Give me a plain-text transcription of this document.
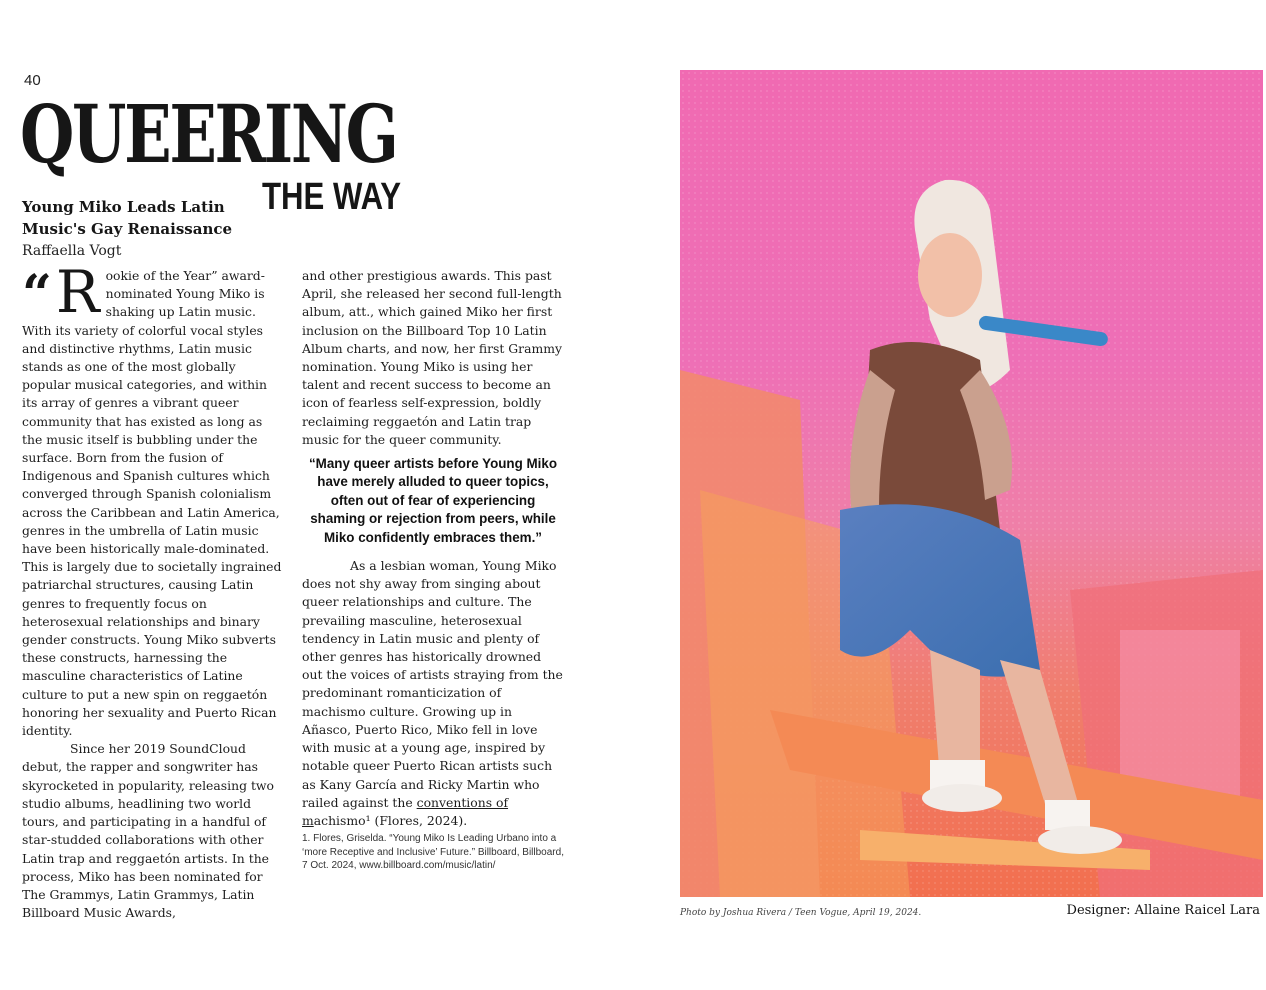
40
QUEERING
THE WAY
Young Miko Leads Latin Music's Gay Renaissance
Raffaella Vogt

“ R ookie of the Year” award-nominated Young Miko is shaking up Latin music. With its variety of colorful vocal styles and distinctive rhythms, Latin music stands as one of the most globally popular musical categories, and within its array of genres a vibrant queer community that has existed as long as the music itself is bubbling under the surface. Born from the fusion of Indigenous and Spanish cultures which converged through Spanish colonialism across the Caribbean and Latin America, genres in the umbrella of Latin music have been historically male-dominated. This is largely due to societally ingrained patriarchal structures, causing Latin genres to frequently focus on heterosexual relationships and binary gender constructs. Young Miko subverts these constructs, harnessing the masculine characteristics of Latine culture to put a new spin on reggaetón honoring her sexuality and Puerto Rican identity.

Since her 2019 SoundCloud debut, the rapper and songwriter has skyrocketed in popularity, releasing two studio albums, headlining two world tours, and participating in a handful of star-studded collaborations with other Latin trap and reggaetón artists. In the process, Miko has been nominated for The Grammys, Latin Grammys, Latin Billboard Music Awards,

and other prestigious awards. This past April, she released her second full-length album, att., which gained Miko her first inclusion on the Billboard Top 10 Latin Album charts, and now, her first Grammy nomination. Young Miko is using her talent and recent success to become an icon of fearless self-expression, boldly reclaiming reggaetón and Latin trap music for the queer community.

“Many queer artists before Young Miko have merely alluded to queer topics, often out of fear of experiencing shaming or rejection from peers, while Miko confidently embraces them.”

As a lesbian woman, Young Miko does not shy away from singing about queer relationships and culture. The prevailing masculine, heterosexual tendency in Latin music and plenty of other genres has historically drowned out the voices of artists straying from the predominant romanticization of machismo culture. Growing up in Añasco, Puerto Rico, Miko fell in love with music at a young age, inspired by notable queer Puerto Rican artists such as Kany García and Ricky Martin who railed against the conventions of machismo¹ (Flores, 2024).

1. Flores, Griselda. “Young Miko Is Leading Urbano into a ‘more Receptive and Inclusive’ Future.” Billboard, Billboard, 7 Oct. 2024, www.billboard.com/music/latin/
Photo by Joshua Rivera / Teen Vogue, April 19, 2024.	Designer: Allaine Raicel Lara
